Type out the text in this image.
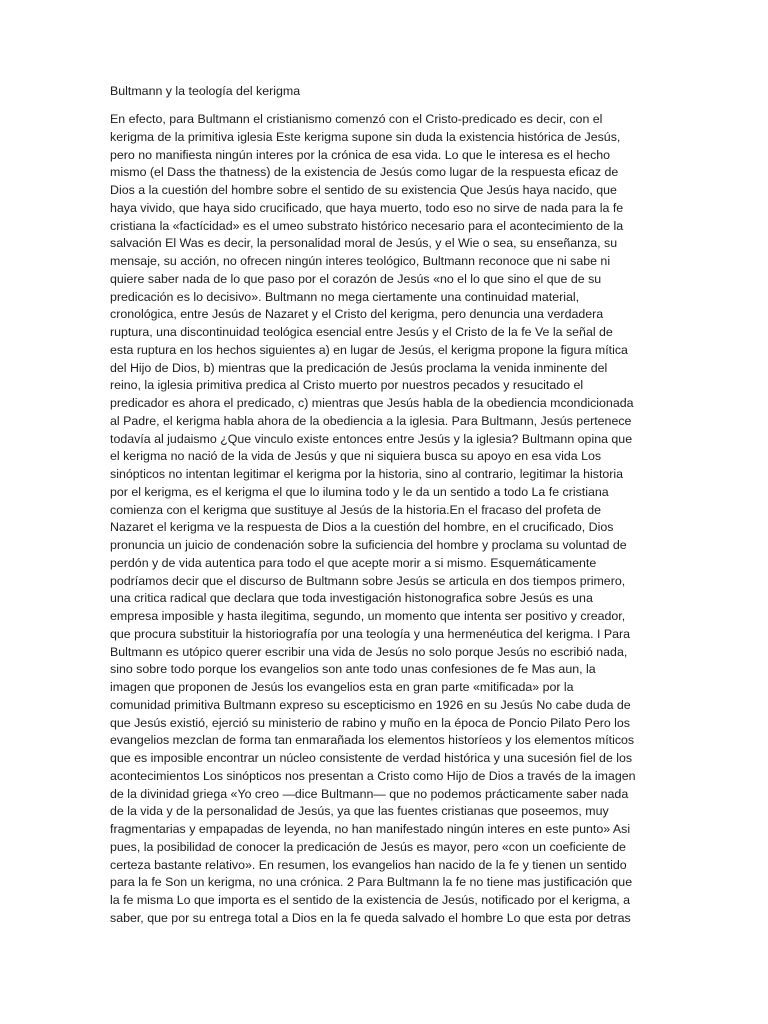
Bultmann y la teología del kerigma
En efecto, para Bultmann el cristianismo comenzó con el Cristo-predicado es decir, con el
kerigma de la primitiva iglesia Este kerigma supone sin duda la existencia histórica de Jesús,
pero no manifiesta ningún interes por la crónica de esa vida. Lo que le interesa es el hecho
mismo (el Dass the thatness) de la existencia de Jesús como lugar de la respuesta eficaz de
Dios a la cuestión del hombre sobre el sentido de su existencia Que Jesús haya nacido, que
haya vivido, que haya sido crucificado, que haya muerto, todo eso no sirve de nada para la fe
cristiana la «factícidad» es el umeo substrato histórico necesario para el acontecimiento de la
salvación El Was es decir, la personalidad moral de Jesús, y el Wie o sea, su enseñanza, su
mensaje, su acción, no ofrecen ningún interes teológico, Bultmann reconoce que ni sabe ni
quiere saber nada de lo que paso por el corazón de Jesús «no el lo que sino el que de su
predicación es lo decisivo». Bultmann no mega ciertamente una continuidad material,
cronológica, entre Jesús de Nazaret y el Cristo del kerigma, pero denuncia una verdadera
ruptura, una discontinuidad teológica esencial entre Jesús y el Cristo de la fe Ve la señal de
esta ruptura en los hechos siguientes a) en lugar de Jesús, el kerigma propone la figura mítica
del Hijo de Dios, b) mientras que la predicación de Jesús proclama la venida inminente del
reino, la iglesia primitiva predica al Cristo muerto por nuestros pecados y resucitado el
predicador es ahora el predicado, c) mientras que Jesús habla de la obediencia mcondicionada
al Padre, el kerigma habla ahora de la obediencia a la iglesia. Para Bultmann, Jesús pertenece
todavía al judaismo ¿Que vinculo existe entonces entre Jesús y la iglesia? Bultmann opina que
el kerigma no nació de la vida de Jesús y que ni siquiera busca su apoyo en esa vida Los
sinópticos no intentan legitimar el kerigma por la historia, sino al contrario, legitimar la historia
por el kerigma, es el kerigma el que lo ilumina todo y le da un sentido a todo La fe cristiana
comienza con el kerigma que sustituye al Jesús de la historia.En el fracaso del profeta de
Nazaret el kerigma ve la respuesta de Dios a la cuestión del hombre, en el crucificado, Dios
pronuncia un juicio de condenación sobre la suficiencia del hombre y proclama su voluntad de
perdón y de vida autentica para todo el que acepte morir a si mismo. Esquemáticamente
podríamos decir que el discurso de Bultmann sobre Jesús se articula en dos tiempos primero,
una critica radical que declara que toda investigación histonografica sobre Jesús es una
empresa imposible y hasta ilegitima, segundo, un momento que intenta ser positivo y creador,
que procura substituir la historiografía por una teología y una hermenéutica del kerigma. I Para
Bultmann es utópico querer escribir una vida de Jesús no solo porque Jesús no escribió nada,
sino sobre todo porque los evangelios son ante todo unas confesiones de fe Mas aun, la
imagen que proponen de Jesús los evangelios esta en gran parte «mitificada» por la
comunidad primitiva Bultmann expreso su escepticismo en 1926 en su Jesús No cabe duda de
que Jesús existió, ejerció su ministerio de rabino y muño en la época de Poncio Pilato Pero los
evangelios mezclan de forma tan enmarañada los elementos historíeos y los elementos míticos
que es imposible encontrar un núcleo consistente de verdad histórica y una sucesión fiel de los
acontecimientos Los sinópticos nos presentan a Cristo como Hijo de Dios a través de la imagen
de la divinidad griega «Yo creo —dice Bultmann— que no podemos prácticamente saber nada
de la vida y de la personalidad de Jesús, ya que las fuentes cristianas que poseemos, muy
fragmentarias y empapadas de leyenda, no han manifestado ningún interes en este punto» Asi
pues, la posibilidad de conocer la predicación de Jesús es mayor, pero «con un coeficiente de
certeza bastante relativo». En resumen, los evangelios han nacido de la fe y tienen un sentido
para la fe Son un kerigma, no una crónica. 2 Para Bultmann la fe no tiene mas justificación que
la fe misma Lo que importa es el sentido de la existencia de Jesús, notificado por el kerigma, a
saber, que por su entrega total a Dios en la fe queda salvado el hombre Lo que esta por detras
